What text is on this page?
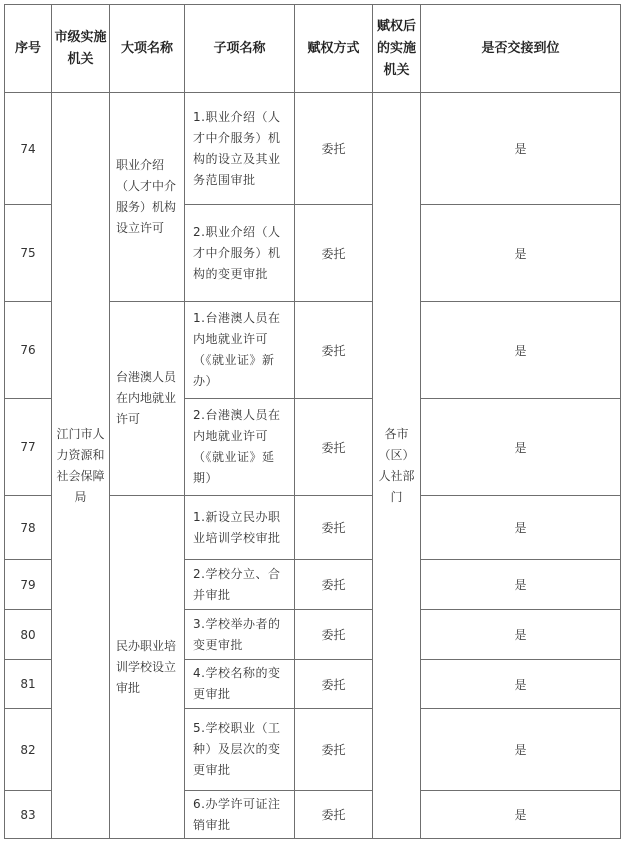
序号	市级实施机关	大项名称	子项名称	赋权方式	赋权后的实施机关	是否交接到位
74	江门市人力资源和社会保障局	职业介绍（人才中介服务）机构设立许可	1.职业介绍（人才中介服务）机构的设立及其业务范围审批	委托	各市（区）人社部门	是
75			2.职业介绍（人才中介服务）机构的变更审批	委托		是
76		台港澳人员在内地就业许可	1.台港澳人员在内地就业许可（《就业证》新办）	委托		是
77			2.台港澳人员在内地就业许可（《就业证》延期）	委托		是
78		民办职业培训学校设立审批	1.新设立民办职业培训学校审批	委托		是
79			2.学校分立、合并审批	委托		是
80			3.学校举办者的变更审批	委托		是
81			4.学校名称的变更审批	委托		是
82			5.学校职业（工种）及层次的变更审批	委托		是
83			6.办学许可证注销审批	委托		是
